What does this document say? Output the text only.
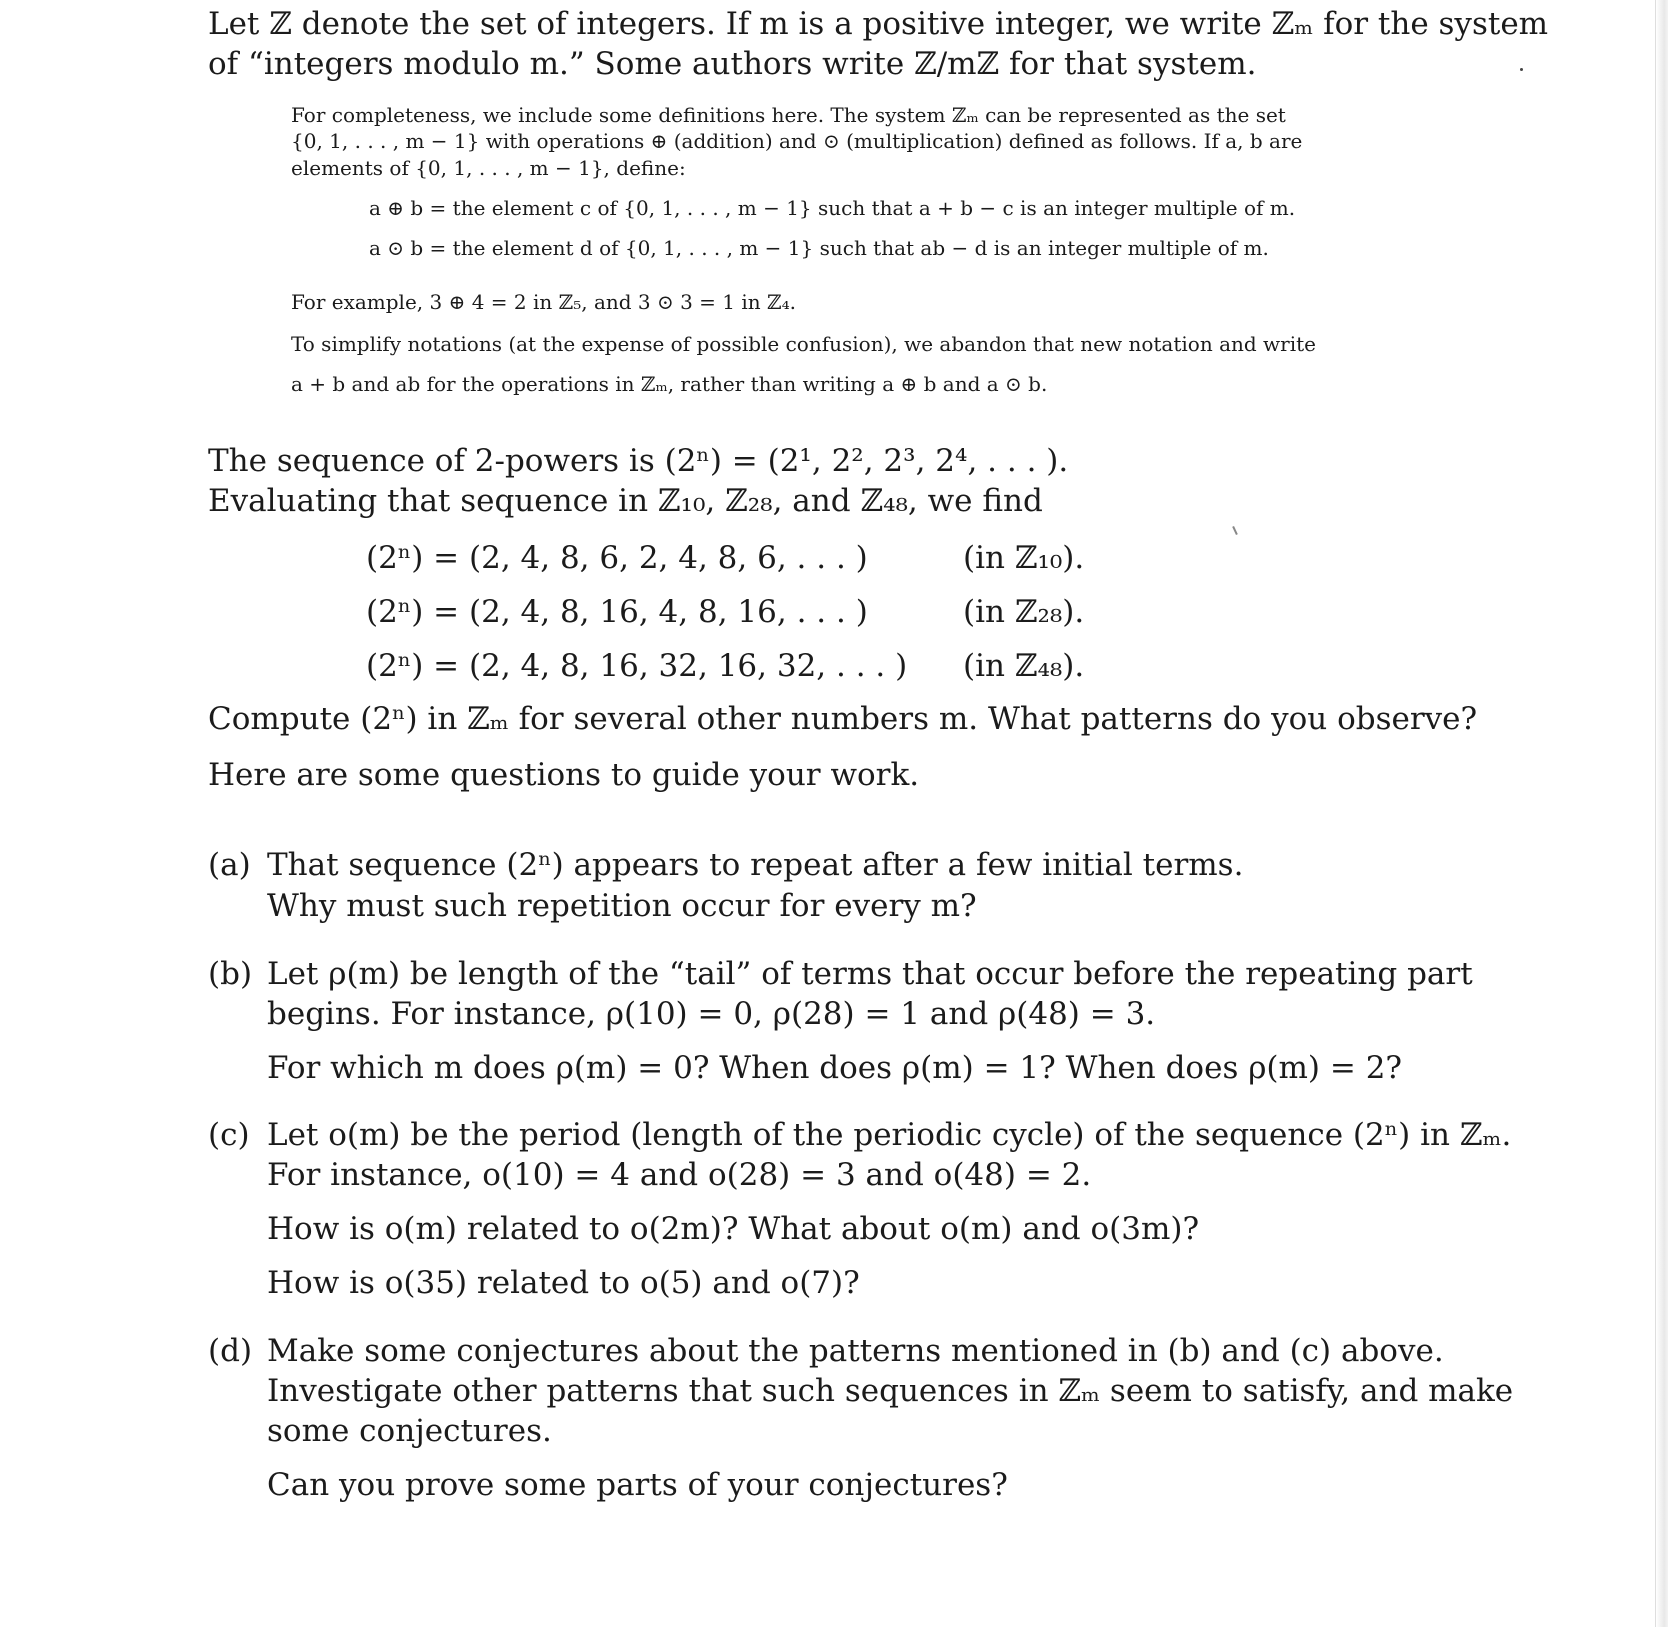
Let ℤ denote the set of integers. If m is a positive integer, we write ℤₘ for the system
of “integers modulo m.” Some authors write ℤ/mℤ for that system.
For completeness, we include some definitions here. The system ℤₘ can be represented as the set
{0, 1, . . . , m − 1} with operations ⊕ (addition) and ⊙ (multiplication) defined as follows. If a, b are
elements of {0, 1, . . . , m − 1}, define:
a ⊕ b = the element c of {0, 1, . . . , m − 1} such that a + b − c is an integer multiple of m.
a ⊙ b = the element d of {0, 1, . . . , m − 1} such that ab − d is an integer multiple of m.
For example, 3 ⊕ 4 = 2 in ℤ₅, and 3 ⊙ 3 = 1 in ℤ₄.
To simplify notations (at the expense of possible confusion), we abandon that new notation and write
a + b and ab for the operations in ℤₘ, rather than writing a ⊕ b and a ⊙ b.
The sequence of 2-powers is (2ⁿ) = (2¹, 2², 2³, 2⁴, . . . ).
Evaluating that sequence in ℤ₁₀, ℤ₂₈, and ℤ₄₈, we find
(2ⁿ) = (2, 4, 8, 6, 2, 4, 8, 6, . . . )	(in ℤ₁₀).
(2ⁿ) = (2, 4, 8, 16, 4, 8, 16, . . . )	(in ℤ₂₈).
(2ⁿ) = (2, 4, 8, 16, 32, 16, 32, . . . ) (in ℤ₄₈).
Compute (2ⁿ) in ℤₘ for several other numbers m. What patterns do you observe?
Here are some questions to guide your work.
(a) That sequence (2ⁿ) appears to repeat after a few initial terms.
Why must such repetition occur for every m?
(b) Let ρ(m) be length of the “tail” of terms that occur before the repeating part
begins. For instance, ρ(10) = 0, ρ(28) = 1 and ρ(48) = 3.
For which m does ρ(m) = 0? When does ρ(m) = 1? When does ρ(m) = 2?
(c) Let o(m) be the period (length of the periodic cycle) of the sequence (2ⁿ) in ℤₘ.
For instance, o(10) = 4 and o(28) = 3 and o(48) = 2.
How is o(m) related to o(2m)? What about o(m) and o(3m)?
How is o(35) related to o(5) and o(7)?
(d) Make some conjectures about the patterns mentioned in (b) and (c) above.
Investigate other patterns that such sequences in ℤₘ seem to satisfy, and make
some conjectures.
Can you prove some parts of your conjectures?
